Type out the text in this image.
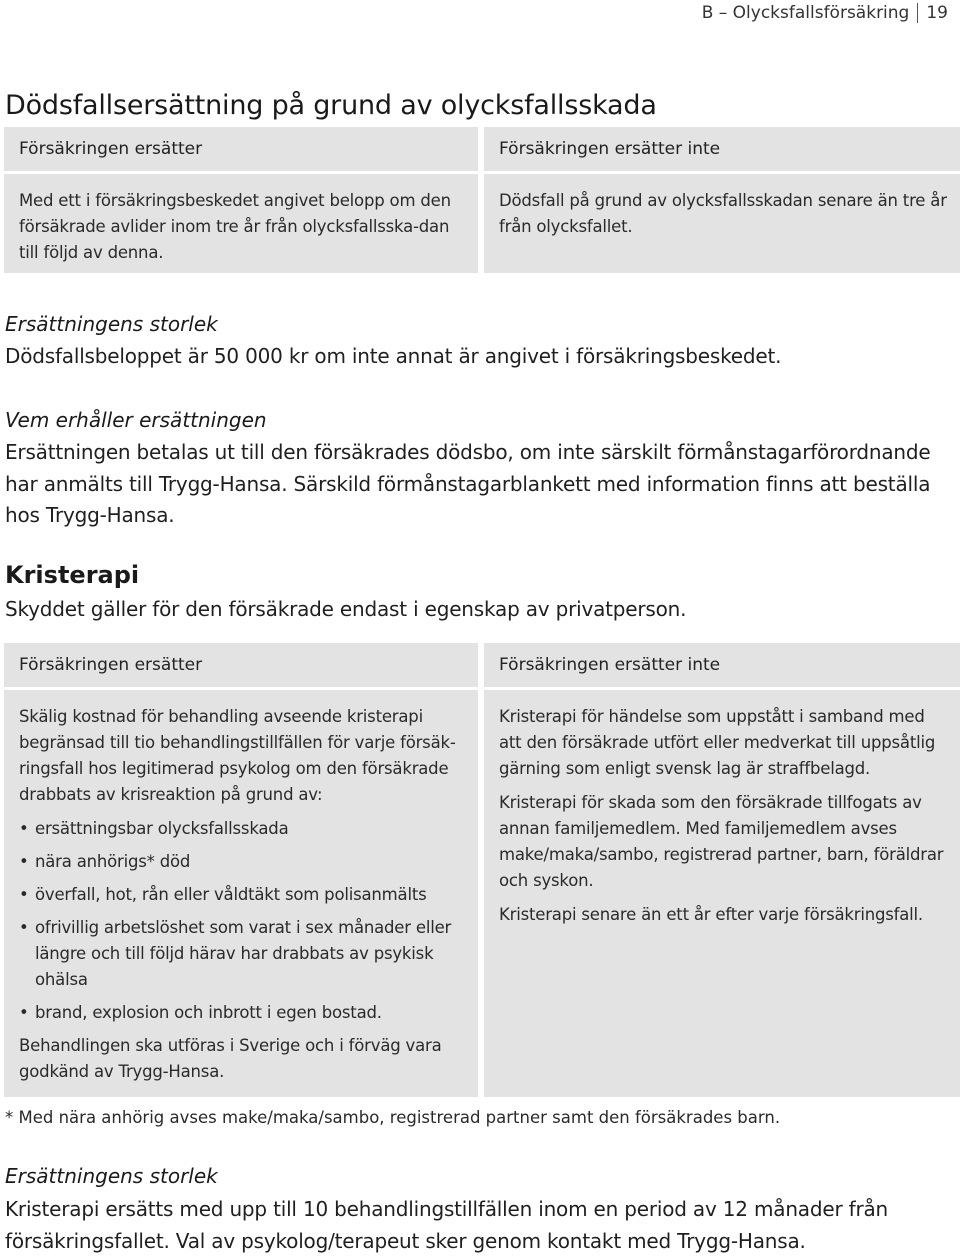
B – Olycksfallsförsäkring 19
Dödsfallsersättning på grund av olycksfallsskada
Försäkringen ersätter

Med ett i försäkringsbeskedet angivet belopp om den försäkrade avlider inom tre år från olycksfallsska-dan till följd av denna.

Försäkringen ersätter inte

Dödsfall på grund av olycksfallsskadan senare än tre år från olycksfallet.

Ersättningens storlek
Dödsfallsbeloppet är 50 000 kr om inte annat är angivet i försäkringsbeskedet.
Vem erhåller ersättningen
Ersättningen betalas ut till den försäkrades dödsbo, om inte särskilt förmånstagarförordnande har anmälts till Trygg-Hansa. Särskild förmånstagarblankett med information finns att beställa hos Trygg-Hansa.
Kristerapi
Skyddet gäller för den försäkrade endast i egenskap av privatperson.
Försäkringen ersätter

Skälig kostnad för behandling avseende kristerapi begränsad till tio behandlingstillfällen för varje försäk-ringsfall hos legitimerad psykolog om den försäkrade drabbats av krisreaktion på grund av:

• ersättningsbar olycksfallsskada
• nära anhörigs* död
• överfall, hot, rån eller våldtäkt som polisanmälts
• ofrivillig arbetslöshet som varat i sex månader eller längre och till följd härav har drabbats av psykisk ohälsa
• brand, explosion och inbrott i egen bostad.

Behandlingen ska utföras i Sverige och i förväg vara godkänd av Trygg-Hansa.

Försäkringen ersätter inte

Kristerapi för händelse som uppstått i samband med att den försäkrade utfört eller medverkat till uppsåtlig gärning som enligt svensk lag är straffbelagd.

Kristerapi för skada som den försäkrade tillfogats av annan familjemedlem. Med familjemedlem avses make/maka/sambo, registrerad partner, barn, föräldrar och syskon.

Kristerapi senare än ett år efter varje försäkringsfall.

* Med nära anhörig avses make/maka/sambo, registrerad partner samt den försäkrades barn.
Ersättningens storlek
Kristerapi ersätts med upp till 10 behandlingstillfällen inom en period av 12 månader från försäkringsfallet. Val av psykolog/terapeut sker genom kontakt med Trygg-Hansa.
